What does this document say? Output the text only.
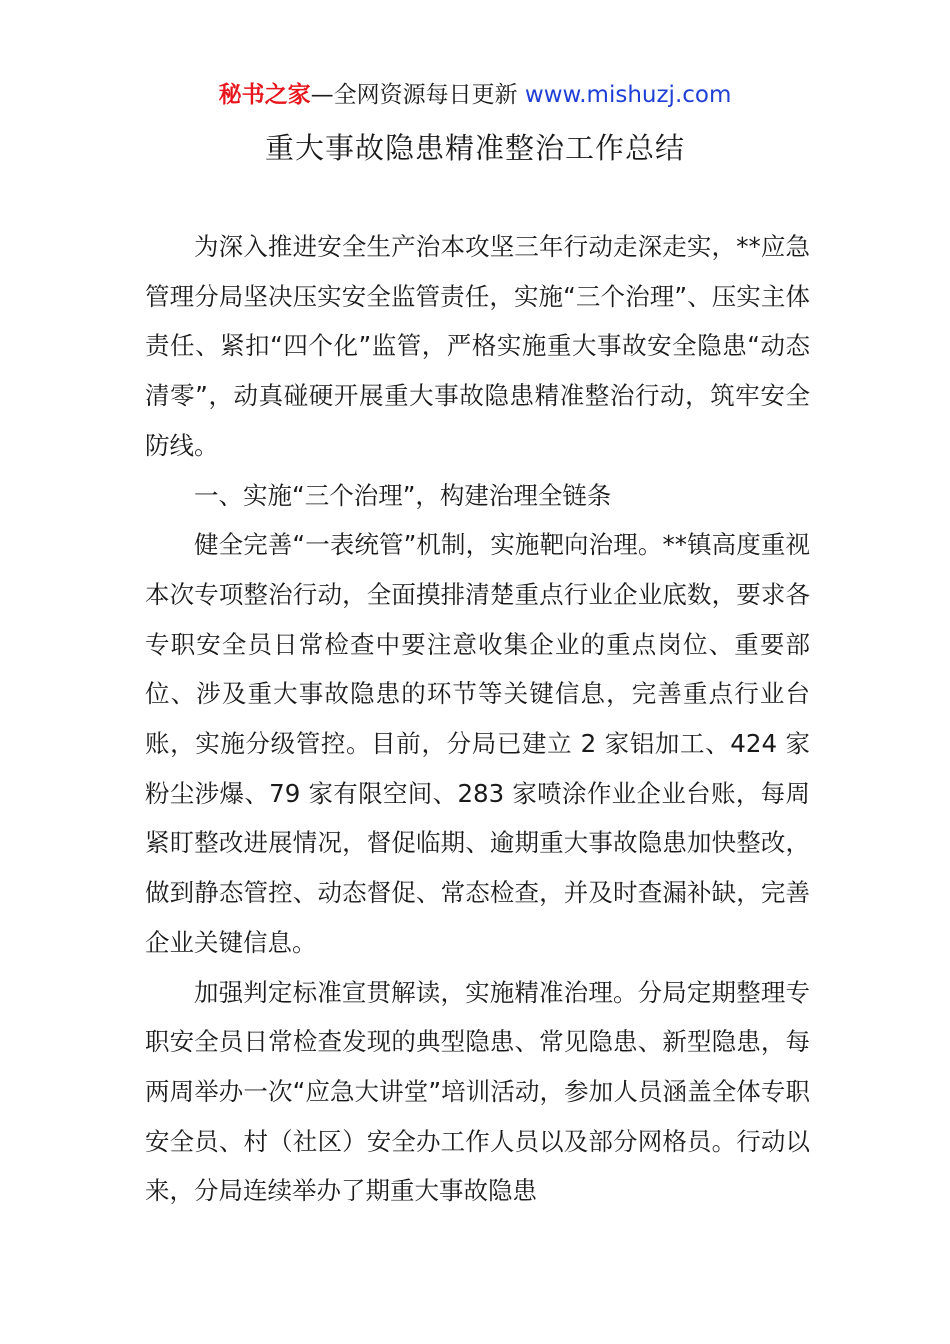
秘书之家—全网资源每日更新 www.mishuzj.com
重大事故隐患精准整治工作总结

为深入推进安全生产治本攻坚三年行动走深走实，**应急管理分局坚决压实安全监管责任，实施“三个治理”、压实主体责任、紧扣“四个化”监管，严格实施重大事故安全隐患“动态清零”，动真碰硬开展重大事故隐患精准整治行动，筑牢安全防线。

一、实施“三个治理”，构建治理全链条

健全完善“一表统管”机制，实施靶向治理。**镇高度重视本次专项整治行动，全面摸排清楚重点行业企业底数，要求各专职安全员日常检查中要注意收集企业的重点岗位、重要部位、涉及重大事故隐患的环节等关键信息，完善重点行业台账，实施分级管控。目前，分局已建立 2 家铝加工、424 家粉尘涉爆、79 家有限空间、283 家喷涂作业企业台账，每周紧盯整改进展情况，督促临期、逾期重大事故隐患加快整改，做到静态管控、动态督促、常态检查，并及时查漏补缺，完善企业关键信息。

加强判定标准宣贯解读，实施精准治理。分局定期整理专职安全员日常检查发现的典型隐患、常见隐患、新型隐患，每两周举办一次“应急大讲堂”培训活动，参加人员涵盖全体专职安全员、村（社区）安全办工作人员以及部分网格员。行动以来，分局连续举办了期重大事故隐患
